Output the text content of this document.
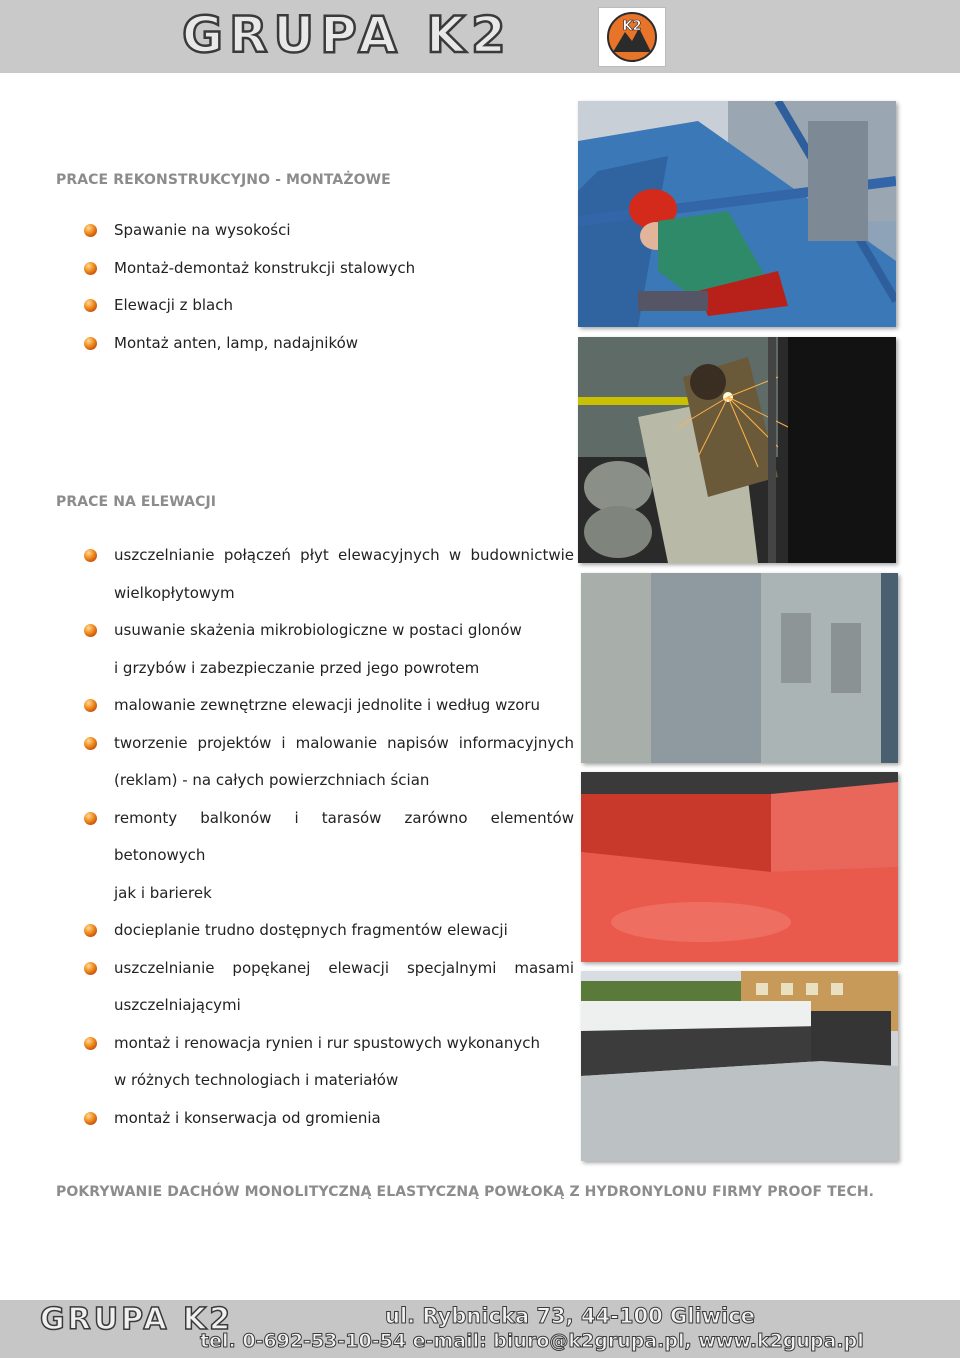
GRUPA K2	K2
PRACE REKONSTRUKCYJNO - MONTAŻOWE
Spawanie na wysokości
Montaż-demontaż konstrukcji stalowych
Elewacji z blach
Montaż anten, lamp, nadajników
PRACE NA ELEWACJI
uszczelnianie połączeń płyt elewacyjnych w budownictwie
wielkopłytowym
usuwanie skażenia mikrobiologiczne w postaci glonów
i grzybów i zabezpieczanie przed jego powrotem
malowanie zewnętrzne elewacji jednolite i według wzoru
tworzenie projektów i malowanie napisów informacyjnych
(reklam) - na całych powierzchniach ścian
remonty balkonów i tarasów zarówno elementów betonowych
jak i barierek
docieplanie trudno dostępnych fragmentów elewacji
uszczelnianie popękanej elewacji specjalnymi masami
uszczelniającymi
montaż i renowacja rynien i rur spustowych wykonanych
w różnych technologiach i materiałów
montaż i konserwacja od gromienia
POKRYWANIE DACHÓW MONOLITYCZNĄ ELASTYCZNĄ POWŁOKĄ Z HYDRONYLONU FIRMY PROOF TECH.
GRUPA K2	ul. Rybnicka 73, 44-100 Gliwice
tel. 0-692-53-10-54 e-mail: biuro@k2grupa.pl, www.k2gupa.pl
